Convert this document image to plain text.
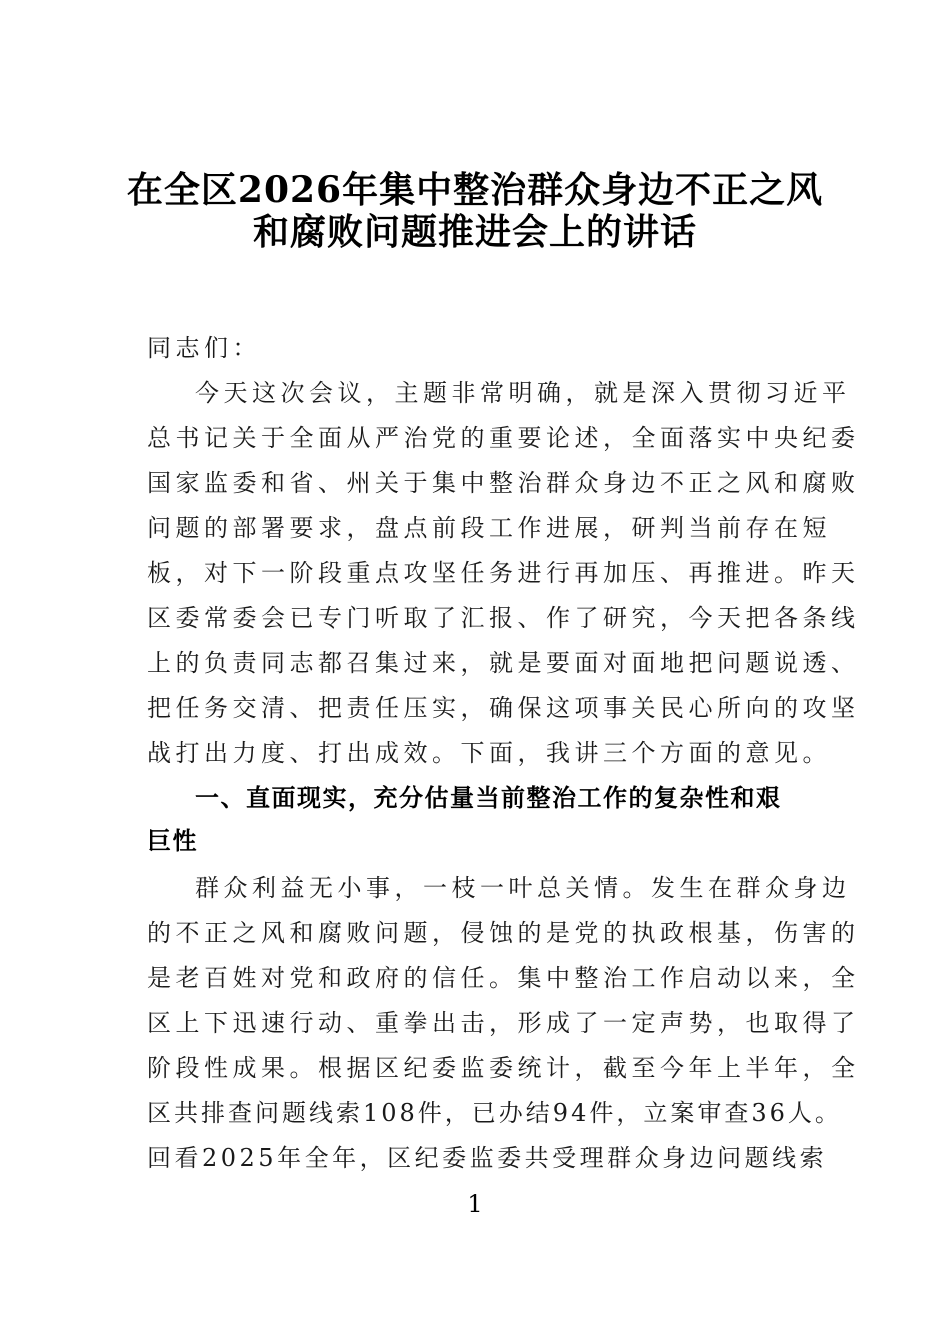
在全区2026年集中整治群众身边不正之风
和腐败问题推进会上的讲话
同志们：
今天这次会议，主题非常明确，就是深入贯彻习近平
总书记关于全面从严治党的重要论述，全面落实中央纪委
国家监委和省、州关于集中整治群众身边不正之风和腐败
问题的部署要求，盘点前段工作进展，研判当前存在短
板，对下一阶段重点攻坚任务进行再加压、再推进。昨天
区委常委会已专门听取了汇报、作了研究，今天把各条线
上的负责同志都召集过来，就是要面对面地把问题说透、
把任务交清、把责任压实，确保这项事关民心所向的攻坚
战打出力度、打出成效。下面，我讲三个方面的意见。
一、直面现实，充分估量当前整治工作的复杂性和艰
巨性
群众利益无小事，一枝一叶总关情。发生在群众身边
的不正之风和腐败问题，侵蚀的是党的执政根基，伤害的
是老百姓对党和政府的信任。集中整治工作启动以来，全
区上下迅速行动、重拳出击，形成了一定声势，也取得了
阶段性成果。根据区纪委监委统计，截至今年上半年，全
区共排查问题线索108件，已办结94件，立案审查36人。
回看2025年全年，区纪委监委共受理群众身边问题线索
1
